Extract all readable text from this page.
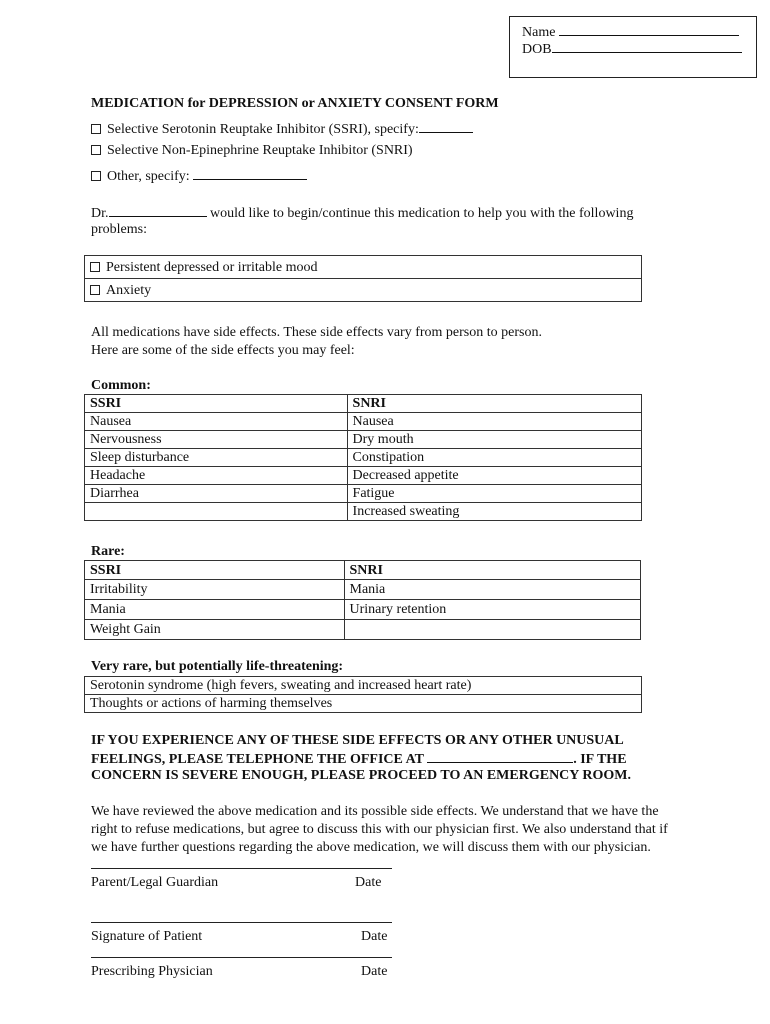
Name
DOB
MEDICATION for DEPRESSION or ANXIETY CONSENT FORM
Selective Serotonin Reuptake Inhibitor (SSRI), specify:
Selective Non-Epinephrine Reuptake Inhibitor (SNRI)
Other, specify:
Dr.	would like to begin/continue this medication to help you with the following
problems:
Persistent depressed or irritable mood
Anxiety
All medications have side effects. These side effects vary from person to person.
Here are some of the side effects you may feel:
Common:
SSRI	SNRI
Nausea	Nausea
Nervousness	Dry mouth
Sleep disturbance	Constipation
Headache	Decreased appetite
Diarrhea	Fatigue
	Increased sweating
Rare:
SSRI	SNRI
Irritability	Mania
Mania	Urinary retention
Weight Gain	
Very rare, but potentially life-threatening:
Serotonin syndrome (high fevers, sweating and increased heart rate)
Thoughts or actions of harming themselves
IF YOU EXPERIENCE ANY OF THESE SIDE EFFECTS OR ANY OTHER UNUSUAL
FEELINGS, PLEASE TELEPHONE THE OFFICE AT	. IF THE
CONCERN IS SEVERE ENOUGH, PLEASE PROCEED TO AN EMERGENCY ROOM.
We have reviewed the above medication and its possible side effects. We understand that we have the
right to refuse medications, but agree to discuss this with our physician first. We also understand that if
we have further questions regarding the above medication, we will discuss them with our physician.
Parent/Legal Guardian	Date
Signature of Patient	Date
Prescribing Physician	Date
